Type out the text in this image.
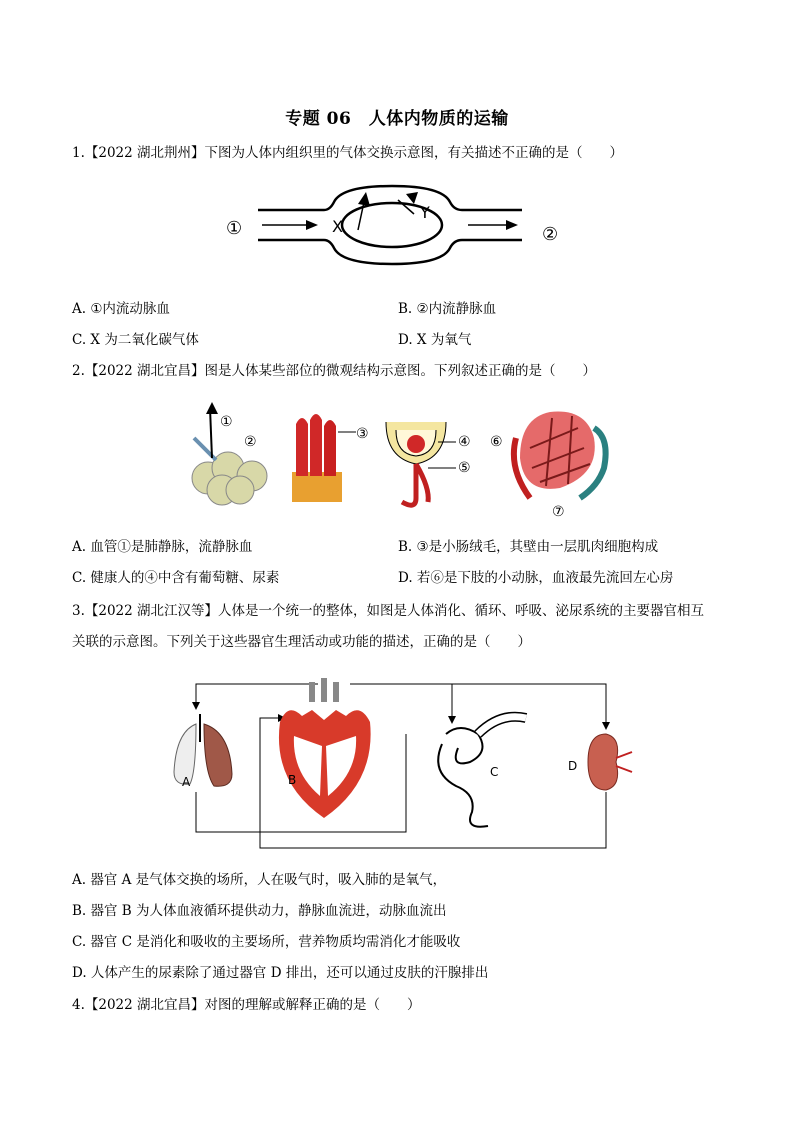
专题 06　人体内物质的运输
1.【2022 湖北荆州】下图为人体内组织里的气体交换示意图，有关描述不正确的是（　　）
①	②
X
Y
A. ①内流动脉血	B. ②内流静脉血
C. X 为二氧化碳气体	D. X 为氧气
2.【2022 湖北宜昌】图是人体某些部位的微观结构示意图。下列叙述正确的是（　　）
①
②	③	④
⑤
⑥
⑦
A. 血管①是肺静脉，流静脉血	B. ③是小肠绒毛，其壁由一层肌肉细胞构成
C. 健康人的④中含有葡萄糖、尿素	D. 若⑥是下肢的小动脉，血液最先流回左心房
3.【2022 湖北江汉等】人体是一个统一的整体，如图是人体消化、循环、呼吸、泌尿系统的主要器官相互
关联的示意图。下列关于这些器官生理活动或功能的描述，正确的是（　　）
A	B
C	D
A. 器官 A 是气体交换的场所，人在吸气时，吸入肺的是氧气，
B. 器官 B 为人体血液循环提供动力，静脉血流进，动脉血流出
C. 器官 C 是消化和吸收的主要场所，营养物质均需消化才能吸收
D. 人体产生的尿素除了通过器官 D 排出，还可以通过皮肤的汗腺排出
4.【2022 湖北宜昌】对图的理解或解释正确的是（　　）
